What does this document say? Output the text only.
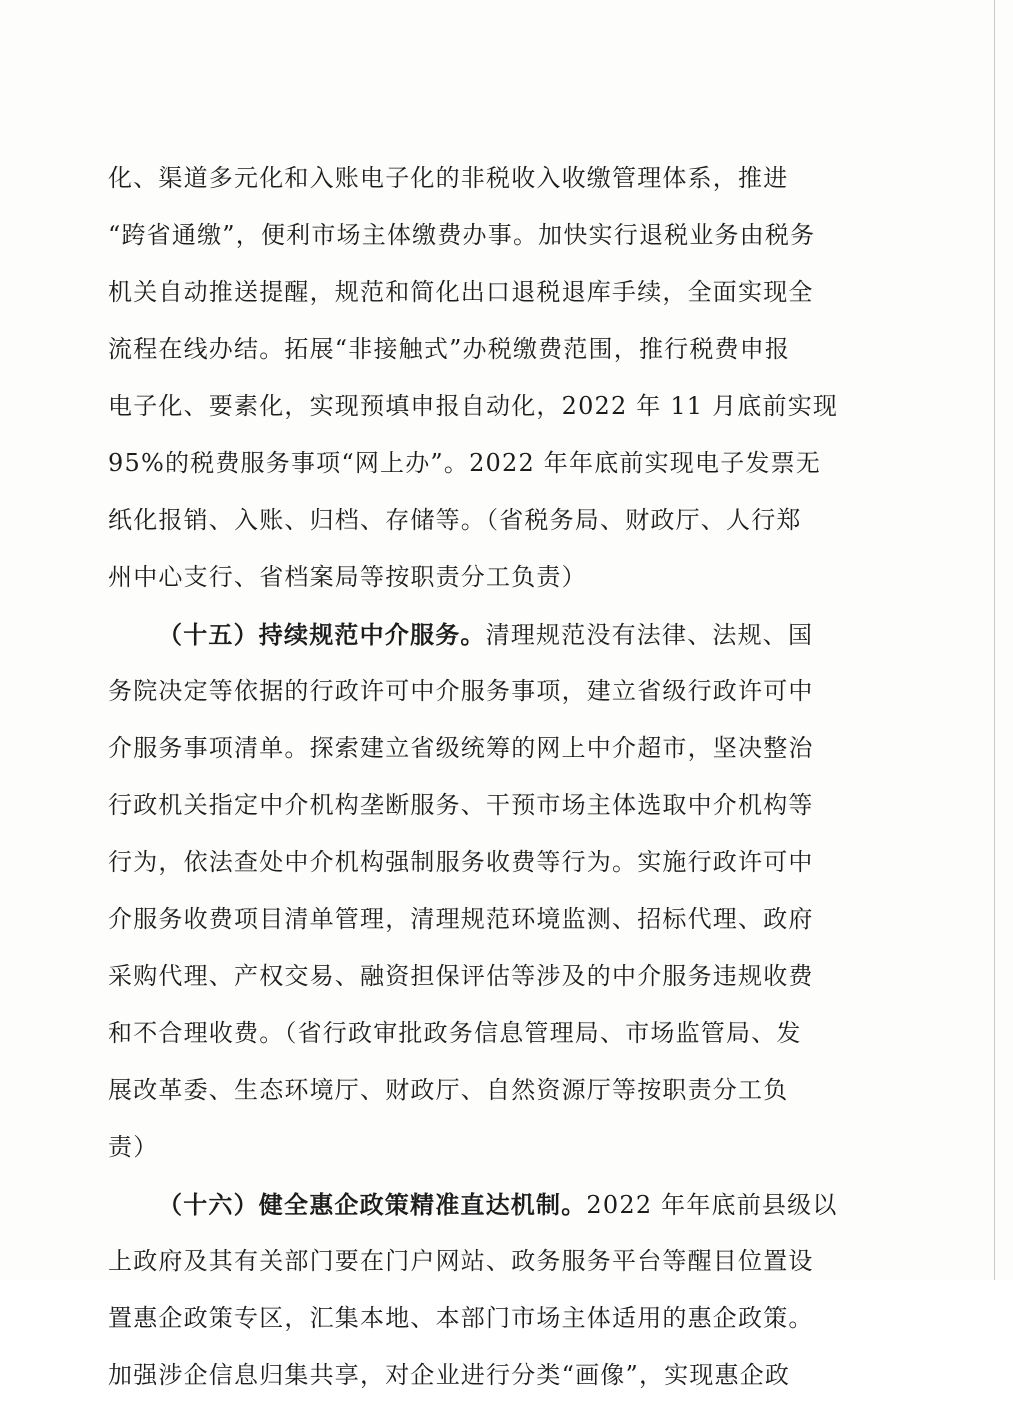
化、渠道多元化和入账电子化的非税收入收缴管理体系，推进
“跨省通缴”，便利市场主体缴费办事。加快实行退税业务由税务
机关自动推送提醒，规范和简化出口退税退库手续，全面实现全
流程在线办结。拓展“非接触式”办税缴费范围，推行税费申报
电子化、要素化，实现预填申报自动化，2022 年 11 月底前实现
95%的税费服务事项“网上办”。2022 年年底前实现电子发票无
纸化报销、入账、归档、存储等。（省税务局、财政厅、人行郑
州中心支行、省档案局等按职责分工负责）
（十五）持续规范中介服务。清理规范没有法律、法规、国
务院决定等依据的行政许可中介服务事项，建立省级行政许可中
介服务事项清单。探索建立省级统筹的网上中介超市，坚决整治
行政机关指定中介机构垄断服务、干预市场主体选取中介机构等
行为，依法查处中介机构强制服务收费等行为。实施行政许可中
介服务收费项目清单管理，清理规范环境监测、招标代理、政府
采购代理、产权交易、融资担保评估等涉及的中介服务违规收费
和不合理收费。（省行政审批政务信息管理局、市场监管局、发
展改革委、生态环境厅、财政厅、自然资源厅等按职责分工负
责）
（十六）健全惠企政策精准直达机制。2022 年年底前县级以
上政府及其有关部门要在门户网站、政务服务平台等醒目位置设
置惠企政策专区，汇集本地、本部门市场主体适用的惠企政策。
加强涉企信息归集共享，对企业进行分类“画像”，实现惠企政
